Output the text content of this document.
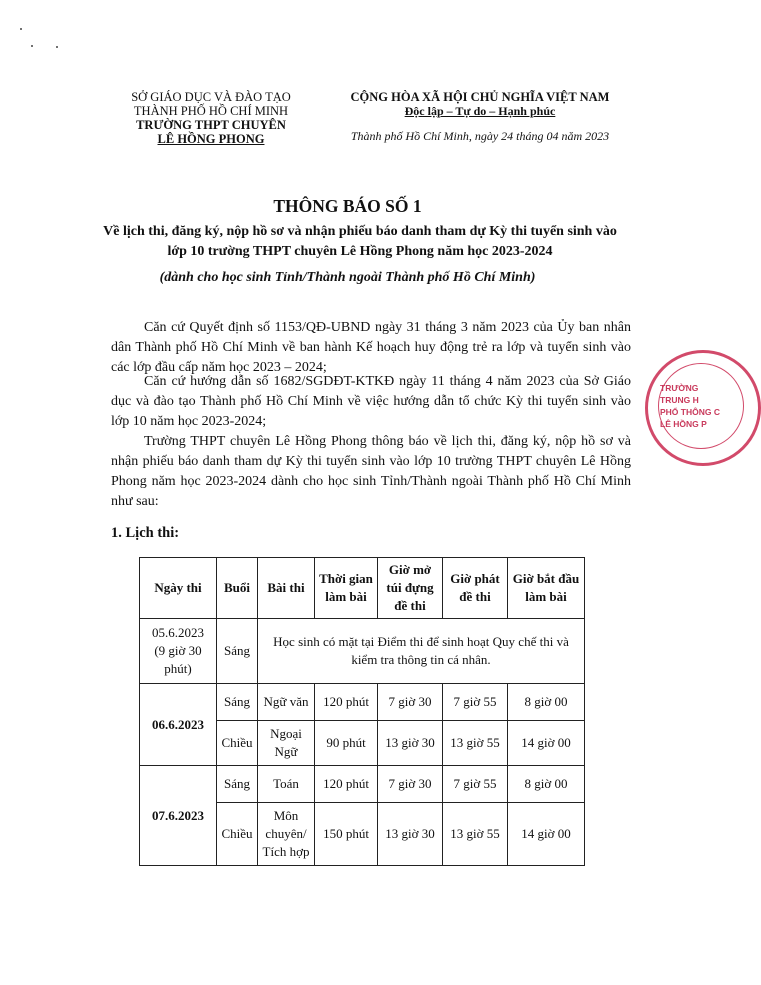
SỞ GIÁO DỤC VÀ ĐÀO TẠO
THÀNH PHỐ HỒ CHÍ MINH
TRƯỜNG THPT CHUYÊN
LÊ HỒNG PHONG
CỘNG HÒA XÃ HỘI CHỦ NGHĨA VIỆT NAM
Độc lập – Tự do – Hạnh phúc
Thành phố Hồ Chí Minh, ngày 24 tháng 04 năm 2023
THÔNG BÁO SỐ 1
Về lịch thi, đăng ký, nộp hồ sơ và nhận phiếu báo danh tham dự Kỳ thi tuyển sinh vào lớp 10 trường THPT chuyên Lê Hồng Phong năm học 2023-2024
(dành cho học sinh Tỉnh/Thành ngoài Thành phố Hồ Chí Minh)
Căn cứ Quyết định số 1153/QĐ-UBND ngày 31 tháng 3 năm 2023 của Ủy ban nhân dân Thành phố Hồ Chí Minh về ban hành Kế hoạch huy động trẻ ra lớp và tuyển sinh vào các lớp đầu cấp năm học 2023 – 2024;
Căn cứ hướng dẫn số 1682/SGDĐT-KTKĐ ngày 11 tháng 4 năm 2023 của Sở Giáo dục và đào tạo Thành phố Hồ Chí Minh về việc hướng dẫn tổ chức Kỳ thi tuyển sinh vào lớp 10 năm học 2023-2024;
Trường THPT chuyên Lê Hồng Phong thông báo về lịch thi, đăng ký, nộp hồ sơ và nhận phiếu báo danh tham dự Kỳ thi tuyển sinh vào lớp 10 trường THPT chuyên Lê Hồng Phong năm học 2023-2024 dành cho học sinh Tỉnh/Thành ngoài Thành phố Hồ Chí Minh như sau:
1. Lịch thi:
Ngày thi	Buổi	Bài thi	Thời gian làm bài	Giờ mở túi đựng đề thi	Giờ phát đề thi	Giờ bắt đầu làm bài

05.6.2023
(9 giờ 30 phút)	Sáng	Học sinh có mặt tại Điểm thi để sinh hoạt Quy chế thi và kiểm tra thông tin cá nhân.				
06.6.2023	Sáng	Ngữ văn	120 phút	7 giờ 30	7 giờ 55	8 giờ 00
	Chiều	Ngoại Ngữ	90 phút	13 giờ 30	13 giờ 55	14 giờ 00
07.6.2023	Sáng	Toán	120 phút	7 giờ 30	7 giờ 55	8 giờ 00
	Chiều	Môn chuyên/ Tích hợp	150 phút	13 giờ 30	13 giờ 55	14 giờ 00
TRƯỜNG
TRUNG H
PHỔ THÔNG C
LÊ HỒNG P
